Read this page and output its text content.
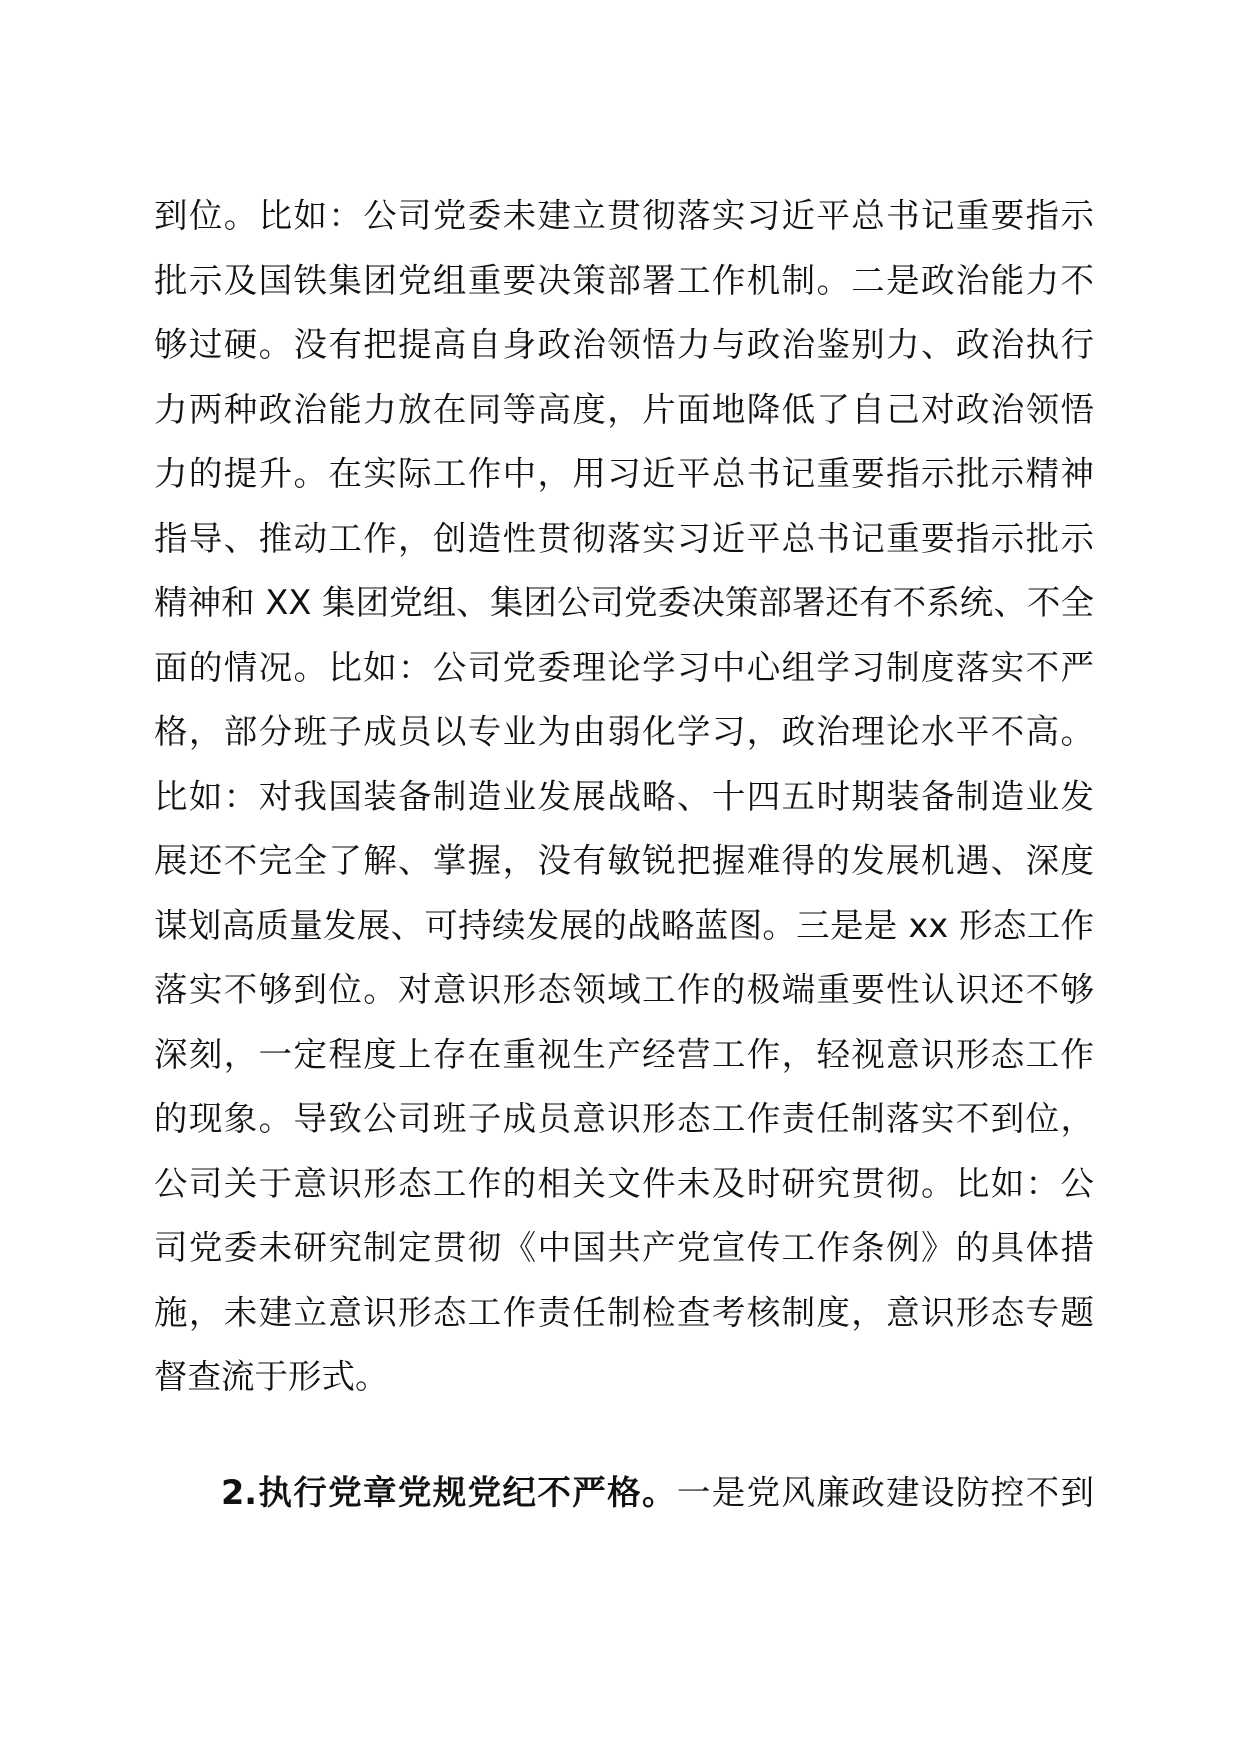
到位。比如：公司党委未建立贯彻落实习近平总书记重要指示
批示及国铁集团党组重要决策部署工作机制。二是政治能力不
够过硬。没有把提高自身政治领悟力与政治鉴别力、政治执行
力两种政治能力放在同等高度，片面地降低了自己对政治领悟
力的提升。在实际工作中，用习近平总书记重要指示批示精神
指导、推动工作，创造性贯彻落实习近平总书记重要指示批示
精神和 XX 集团党组、集团公司党委决策部署还有不系统、不全
面的情况。比如：公司党委理论学习中心组学习制度落实不严
格，部分班子成员以专业为由弱化学习，政治理论水平不高。
比如：对我国装备制造业发展战略、十四五时期装备制造业发
展还不完全了解、掌握，没有敏锐把握难得的发展机遇、深度
谋划高质量发展、可持续发展的战略蓝图。三是是 xx 形态工作
落实不够到位。对意识形态领域工作的极端重要性认识还不够
深刻，一定程度上存在重视生产经营工作，轻视意识形态工作
的现象。导致公司班子成员意识形态工作责任制落实不到位，
公司关于意识形态工作的相关文件未及时研究贯彻。比如：公
司党委未研究制定贯彻《中国共产党宣传工作条例》的具体措
施，未建立意识形态工作责任制检查考核制度，意识形态专题
督查流于形式。
2.执行党章党规党纪不严格。一是党风廉政建设防控不到
